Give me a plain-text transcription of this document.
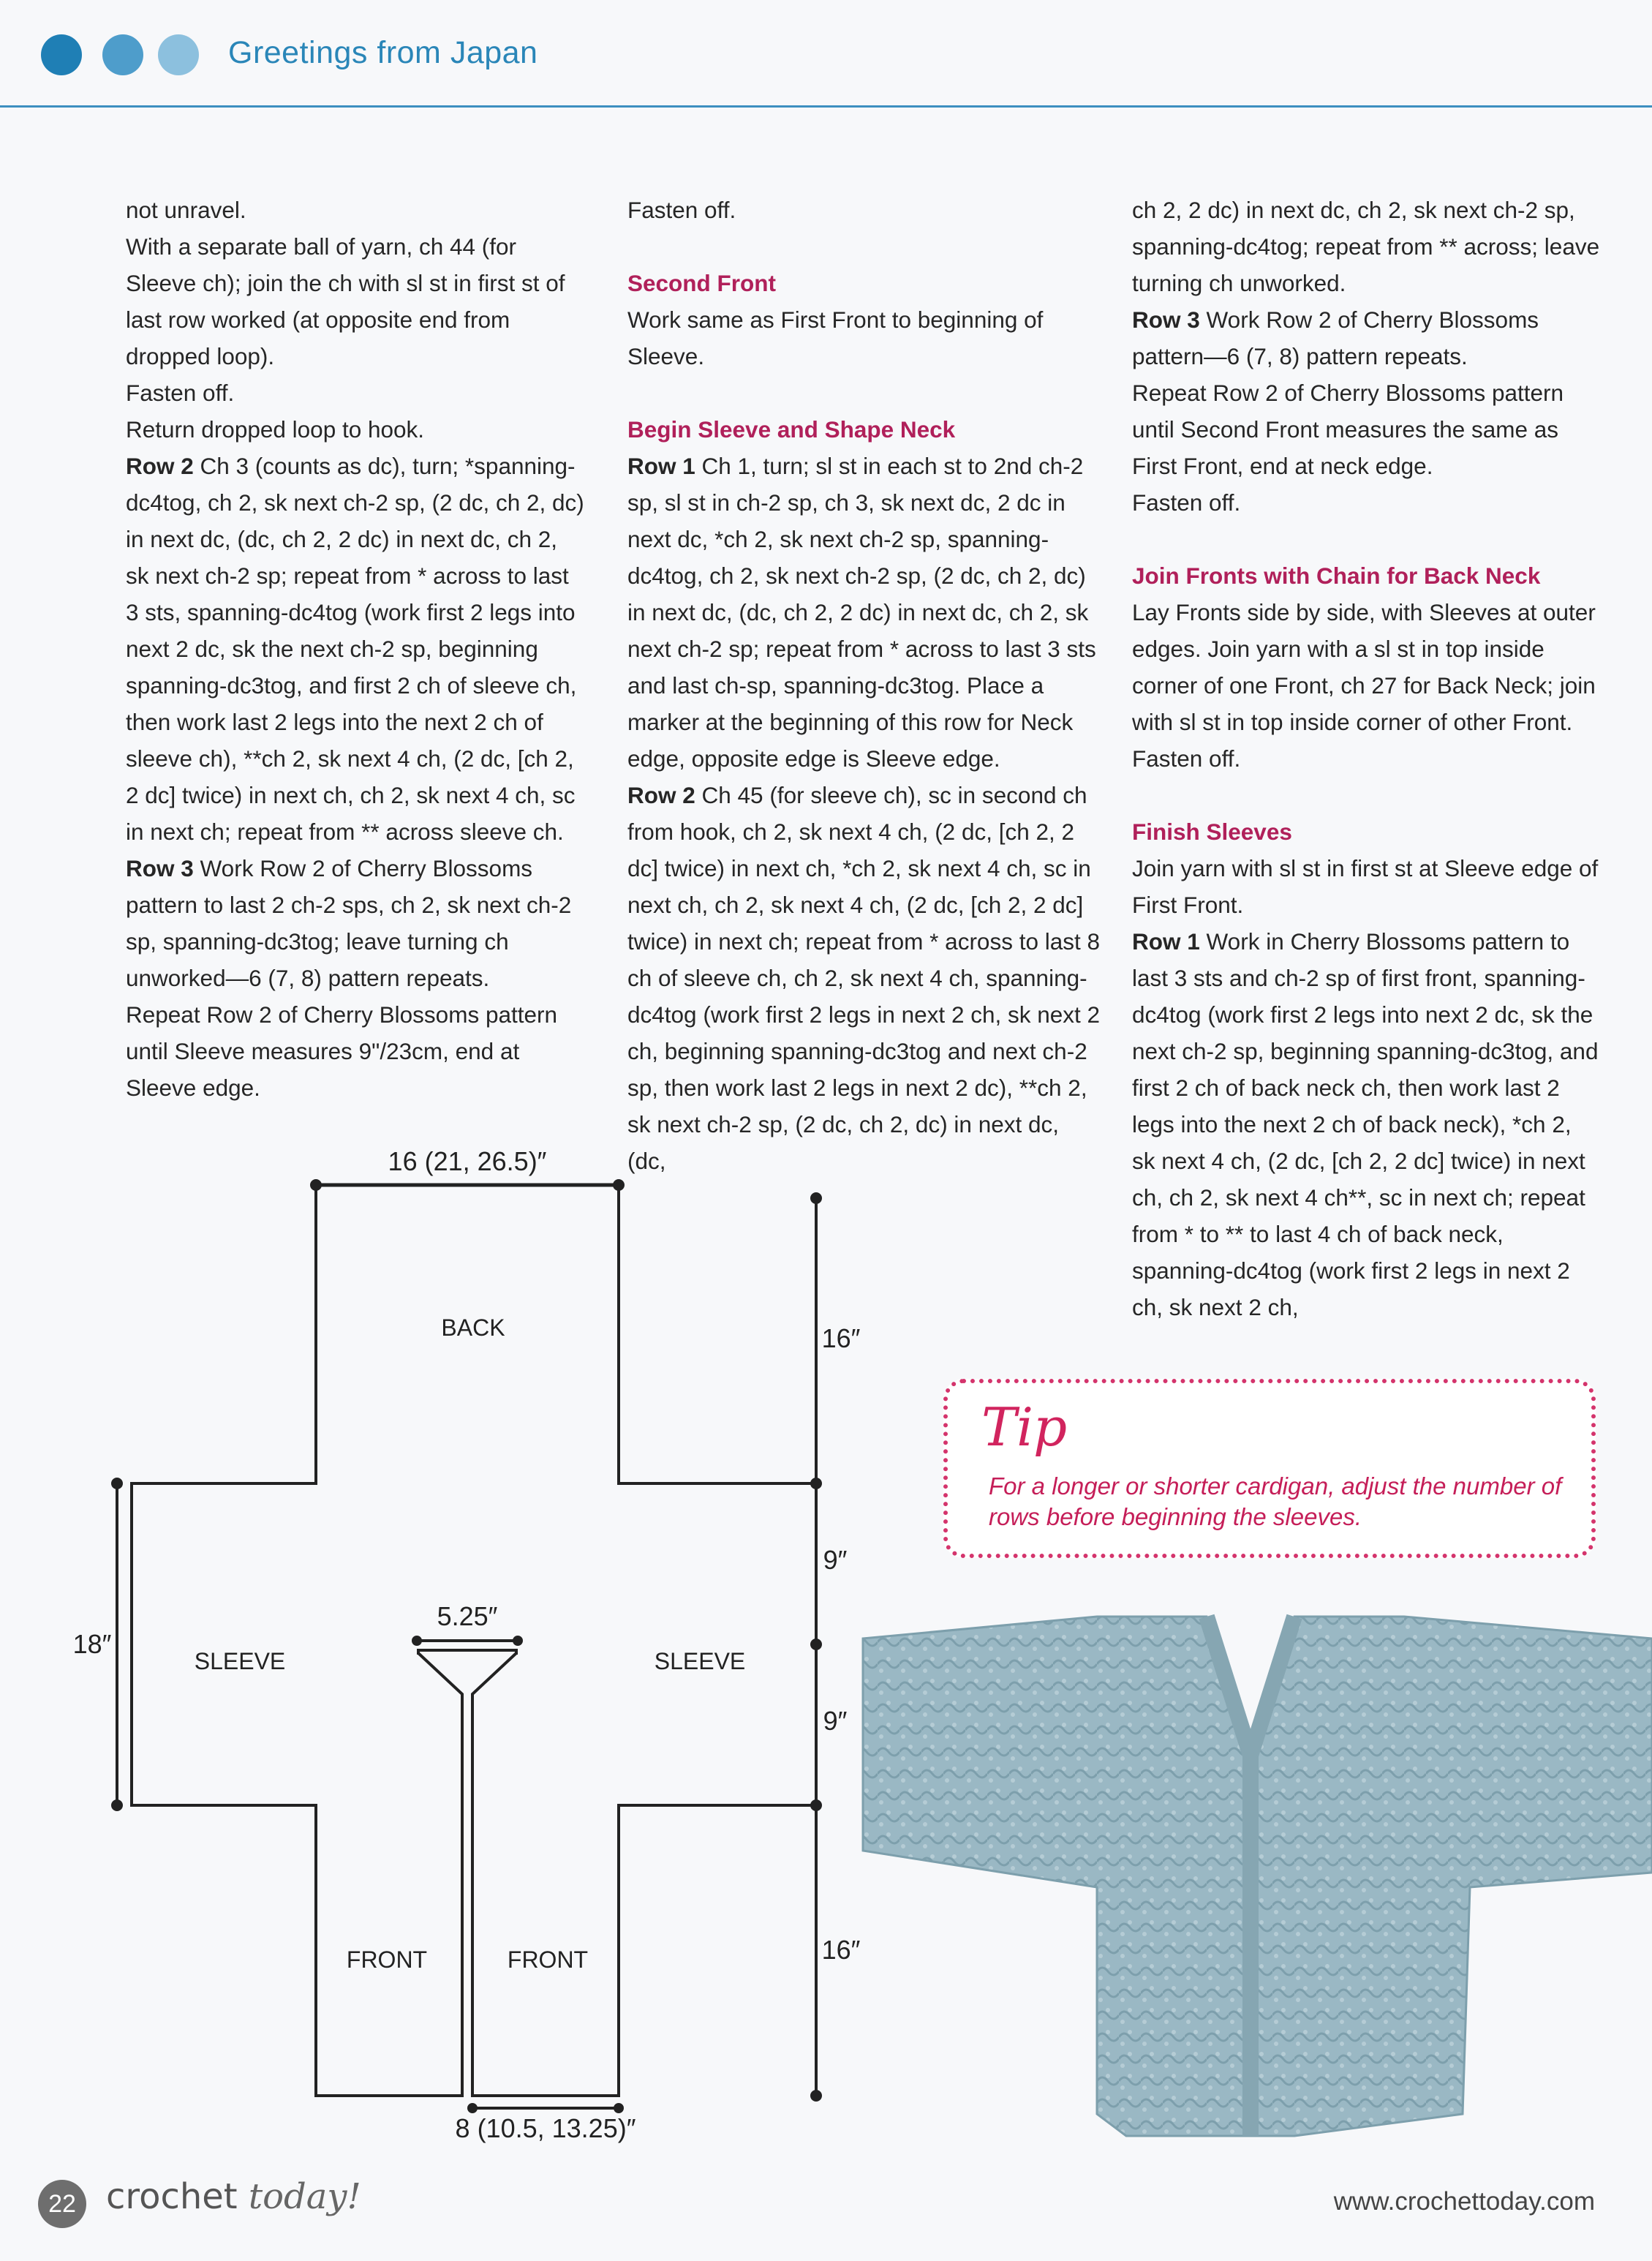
Greetings from Japan

not unravel.

With a separate ball of yarn, ch 44 (for Sleeve ch); join the ch with sl st in first st of last row worked (at opposite end from dropped loop).

Fasten off.

Return dropped loop to hook.

Row 2 Ch 3 (counts as dc), turn; *spanning-dc4tog, ch 2, sk next ch-2 sp, (2 dc, ch 2, dc) in next dc, (dc, ch 2, 2 dc) in next dc, ch 2, sk next ch-2 sp; repeat from * across to last 3 sts, spanning-dc4tog (work first 2 legs into next 2 dc, sk the next ch-2 sp, beginning spanning-dc3tog, and first 2 ch of sleeve ch, then work last 2 legs into the next 2 ch of sleeve ch), **ch 2, sk next 4 ch, (2 dc, [ch 2, 2 dc] twice) in next ch, ch 2, sk next 4 ch, sc in next ch; repeat from ** across sleeve ch.

Row 3 Work Row 2 of Cherry Blossoms pattern to last 2 ch-2 sps, ch 2, sk next ch-2 sp, spanning-dc3tog; leave turning ch unworked—6 (7, 8) pattern repeats.

Repeat Row 2 of Cherry Blossoms pattern until Sleeve measures 9"/23cm, end at Sleeve edge.

Fasten off.

Second Front

Work same as First Front to beginning of Sleeve.

Begin Sleeve and Shape Neck

Row 1 Ch 1, turn; sl st in each st to 2nd ch-2 sp, sl st in ch-2 sp, ch 3, sk next dc, 2 dc in next dc, *ch 2, sk next ch-2 sp, spanning-dc4tog, ch 2, sk next ch-2 sp, (2 dc, ch 2, dc) in next dc, (dc, ch 2, 2 dc) in next dc, ch 2, sk next ch-2 sp; repeat from * across to last 3 sts and last ch-sp, spanning-dc3tog. Place a marker at the beginning of this row for Neck edge, opposite edge is Sleeve edge.

Row 2 Ch 45 (for sleeve ch), sc in second ch from hook, ch 2, sk next 4 ch, (2 dc, [ch 2, 2 dc] twice) in next ch, *ch 2, sk next 4 ch, sc in next ch, ch 2, sk next 4 ch, (2 dc, [ch 2, 2 dc] twice) in next ch; repeat from * across to last 8 ch of sleeve ch, ch 2, sk next 4 ch, spanning-dc4tog (work first 2 legs in next 2 ch, sk next 2 ch, beginning spanning-dc3tog and next ch-2 sp, then work last 2 legs in next 2 dc), **ch 2, sk next ch-2 sp, (2 dc, ch 2, dc) in next dc, (dc,

ch 2, 2 dc) in next dc, ch 2, sk next ch-2 sp, spanning-dc4tog; repeat from ** across; leave turning ch unworked.

Row 3 Work Row 2 of Cherry Blossoms pattern—6 (7, 8) pattern repeats.

Repeat Row 2 of Cherry Blossoms pattern until Second Front measures the same as First Front, end at neck edge.

Fasten off.

Join Fronts with Chain for Back Neck

Lay Fronts side by side, with Sleeves at outer edges. Join yarn with a sl st in top inside corner of one Front, ch 27 for Back Neck; join with sl st in top inside corner of other Front. Fasten off.

Finish Sleeves

Join yarn with sl st in first st at Sleeve edge of First Front.

Row 1 Work in Cherry Blossoms pattern to last 3 sts and ch-2 sp of first front, spanning-dc4tog (work first 2 legs into next 2 dc, sk the next ch-2 sp, beginning spanning-dc3tog, and first 2 ch of back neck ch, then work last 2 legs into the next 2 ch of back neck), *ch 2, sk next 4 ch, (2 dc, [ch 2, 2 dc] twice) in next ch, ch 2, sk next 4 ch**, sc in next ch; repeat from * to ** to last 4 ch of back neck, spanning-dc4tog (work first 2 legs in next 2 ch, sk next 2 ch,

16 (21, 26.5)″
5.25″
18″
16″
9″
9″
16″
8 (10.5, 13.25)″
BACK
SLEEVE	SLEEVE
FRONT	FRONT
Tip
For a longer or shorter cardigan, adjust the number of rows before beginning the sleeves.
22 crochet today!	www.crochettoday.com
